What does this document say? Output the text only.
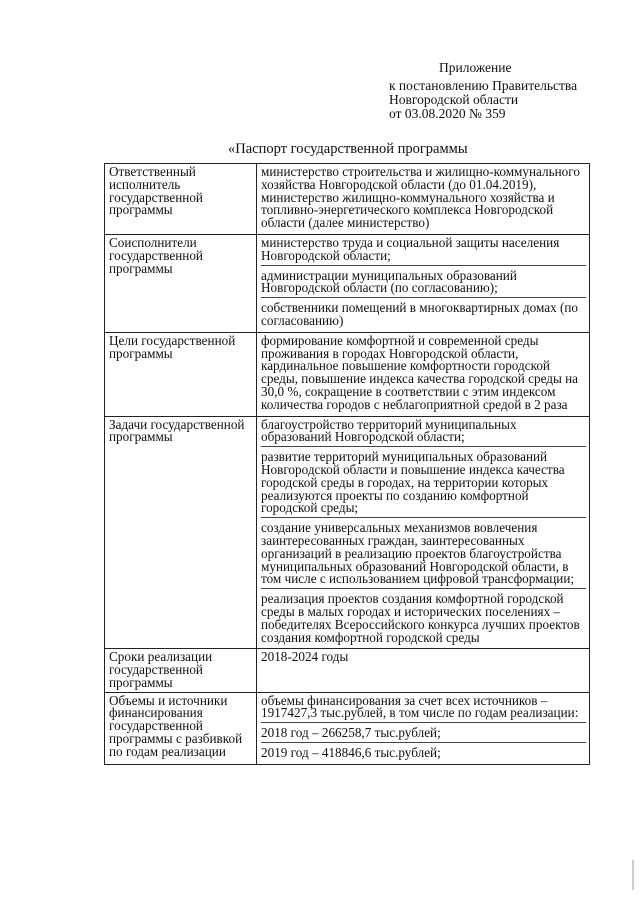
Приложение
к постановлению Правительства
Новгородской области
от 03.08.2020 № 359
«Паспорт государственной программы
Ответственный исполнитель государственной программы	министерство строительства и жилищно-коммунального хозяйства Новгородской области (до 01.04.2019), министерство жилищно-коммунального хозяйства и топливно-энергетического комплекса Новгородской области (далее министерство)

Соисполнители государственной программы	министерство труда и социальной защиты населения Новгородской области;
администрации муниципальных образований Новгородской области (по согласованию);
собственники помещений в многоквартирных домах (по согласованию)

Цели государственной программы	формирование комфортной и современной среды проживания в городах Новгородской области, кардинальное повышение комфортности городской среды, повышение индекса качества городской среды на 30,0 %, сокращение в соответствии с этим индексом количества городов с неблагоприятной средой в 2 раза

Задачи государственной программы	благоустройство территорий муниципальных образований Новгородской области;
развитие территорий муниципальных образований Новгородской области и повышение индекса качества городской среды в городах, на территории которых реализуются проекты по созданию комфортной городской среды;
создание универсальных механизмов вовлечения заинтересованных граждан, заинтересованных организаций в реализацию проектов благоустройства муниципальных образований Новгородской области, в том числе с использованием цифровой трансформации;
реализация проектов создания комфортной городской среды в малых городах и исторических поселениях – победителях Всероссийского конкурса лучших проектов создания комфортной городской среды

Сроки реализации государственной программы	2018-2024 годы

Объемы и источники финансирования государственной программы с разбивкой по годам реализации	объемы финансирования за счет всех источников – 1917427,3 тыс.рублей, в том числе по годам реализации:
2018 год – 266258,7 тыс.рублей;
2019 год – 418846,6 тыс.рублей;
